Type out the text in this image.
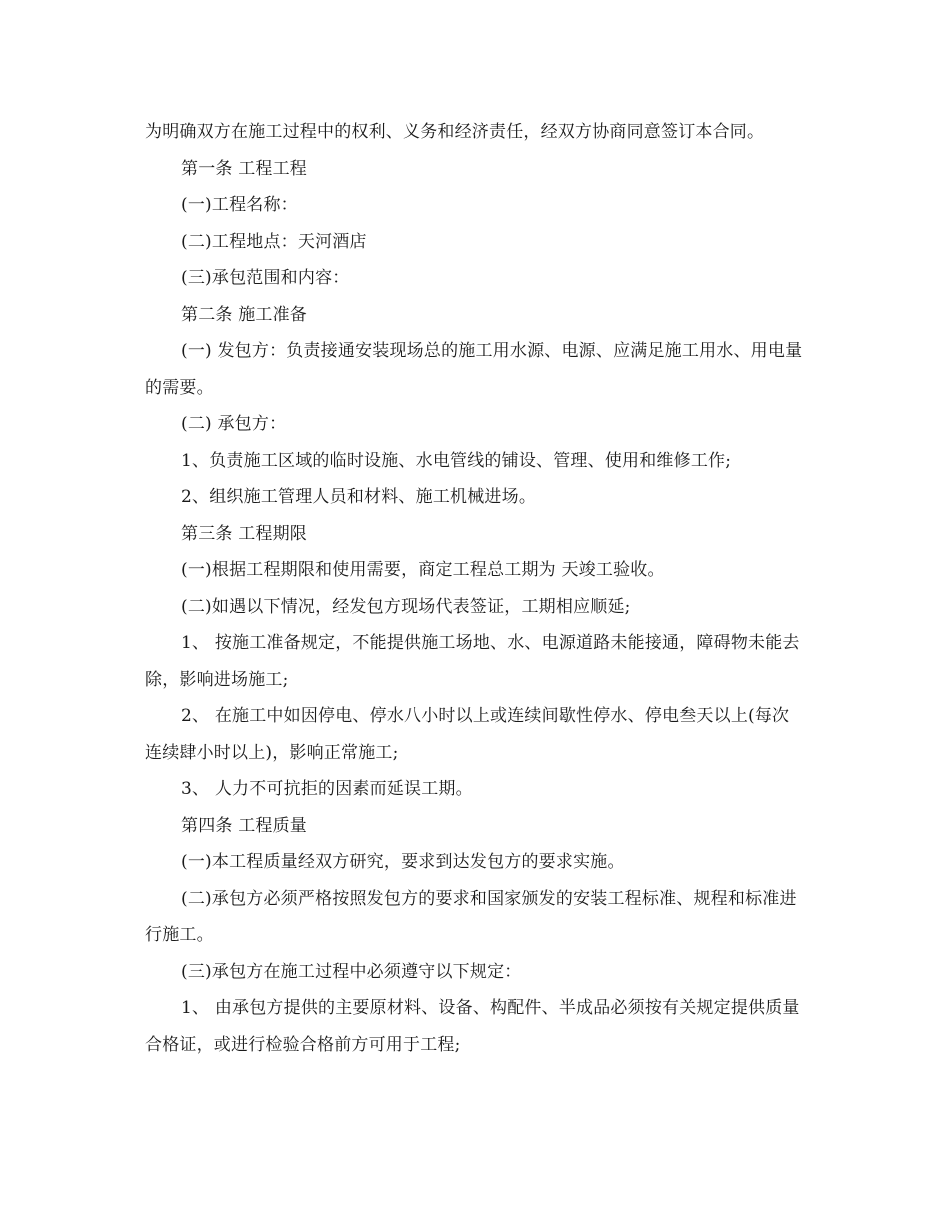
为明确双方在施工过程中的权利、义务和经济责任，经双方协商同意签订本合同。

第一条 工程工程

(一)工程名称：

(二)工程地点：天河酒店

(三)承包范围和内容：

第二条 施工准备

(一) 发包方：负责接通安装现场总的施工用水源、电源、应满足施工用水、用电量的需要。

(二) 承包方：

1、负责施工区域的临时设施、水电管线的铺设、管理、使用和维修工作;

2、组织施工管理人员和材料、施工机械进场。

第三条 工程期限

(一)根据工程期限和使用需要，商定工程总工期为 天竣工验收。

(二)如遇以下情况，经发包方现场代表签证，工期相应顺延;

1、 按施工准备规定，不能提供施工场地、水、电源道路未能接通，障碍物未能去除，影响进场施工;

2、 在施工中如因停电、停水八小时以上或连续间歇性停水、停电叁天以上(每次连续肆小时以上)，影响正常施工;

3、 人力不可抗拒的因素而延误工期。

第四条 工程质量

(一)本工程质量经双方研究，要求到达发包方的要求实施。

(二)承包方必须严格按照发包方的要求和国家颁发的安装工程标准、规程和标准进行施工。

(三)承包方在施工过程中必须遵守以下规定：

1、 由承包方提供的主要原材料、设备、构配件、半成品必须按有关规定提供质量合格证，或进行检验合格前方可用于工程;
